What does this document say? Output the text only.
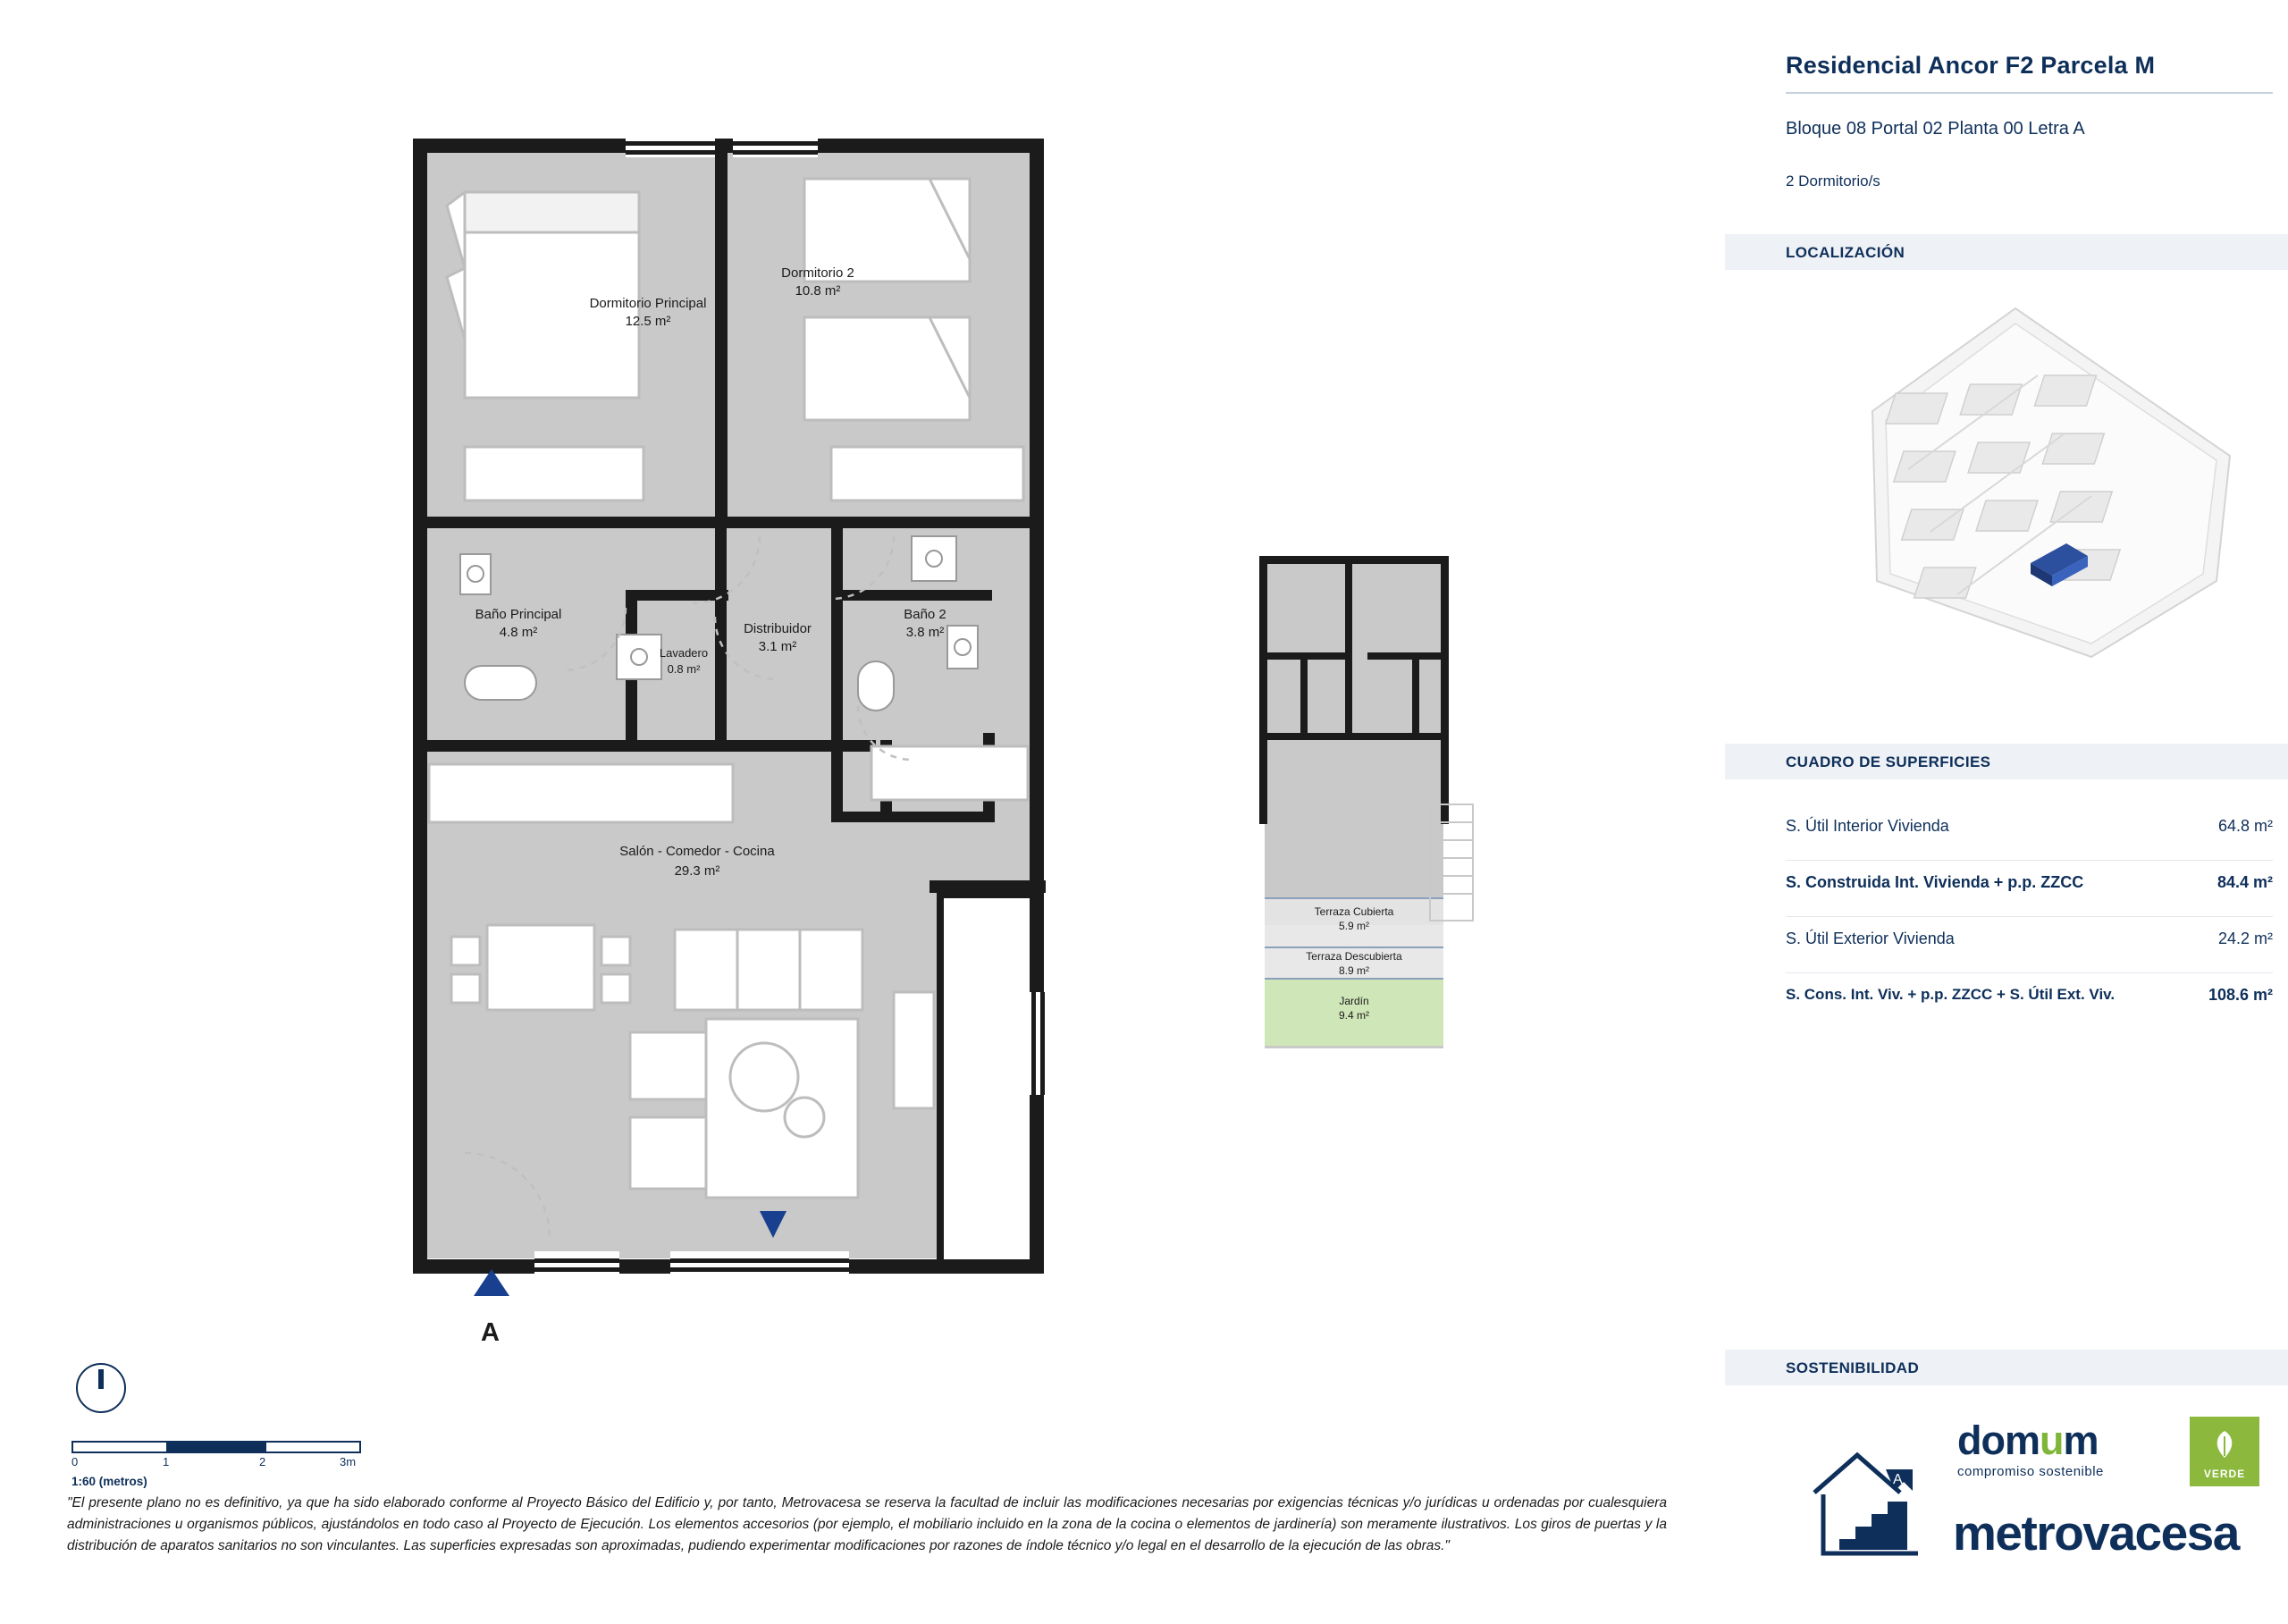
Dormitorio Principal
12.5 m²
Dormitorio 2
10.8 m²
Baño Principal
4.8 m²
Lavadero
0.8 m²
Distribuidor
3.1 m²
Baño 2
3.8 m²
Salón - Comedor - Cocina
29.3 m²
Terraza Cubierta
5.9 m²
Terraza Descubierta
8.9 m²
Jardín
9.4 m²
A
0	1	2	3m
1:60 (metros)
"El presente plano no es definitivo, ya que ha sido elaborado conforme al Proyecto Básico del Edificio y, por tanto, Metrovacesa se reserva la facultad de incluir las modificaciones necesarias por exigencias técnicas y/o jurídicas u ordenadas por cualesquiera administraciones u organismos públicos, ajustándolos en todo caso al Proyecto de Ejecución. Los elementos accesorios (por ejemplo, el mobiliario incluido en la zona de la cocina o elementos de jardinería) son meramente ilustrativos. Los giros de puertas y la distribución de aparatos sanitarios no son vinculantes. Las superficies expresadas son aproximadas, pudiendo experimentar modificaciones por razones de índole técnico y/o legal en el desarrollo de la ejecución de las obras."
Residencial Ancor F2 Parcela M
Bloque 08 Portal 02 Planta 00 Letra A
2 Dormitorio/s
LOCALIZACIÓN
CUADRO DE SUPERFICIES
S. Útil Interior Vivienda	64.8 m²
S. Construida Int. Vivienda + p.p. ZZCC	84.4 m²
S. Útil Exterior Vivienda	24.2 m²
S. Cons. Int. Viv. + p.p. ZZCC + S. Útil Ext. Viv.	108.6 m²
SOSTENIBILIDAD
A
domum
compromiso sostenible	VERDE
metrovacesa
